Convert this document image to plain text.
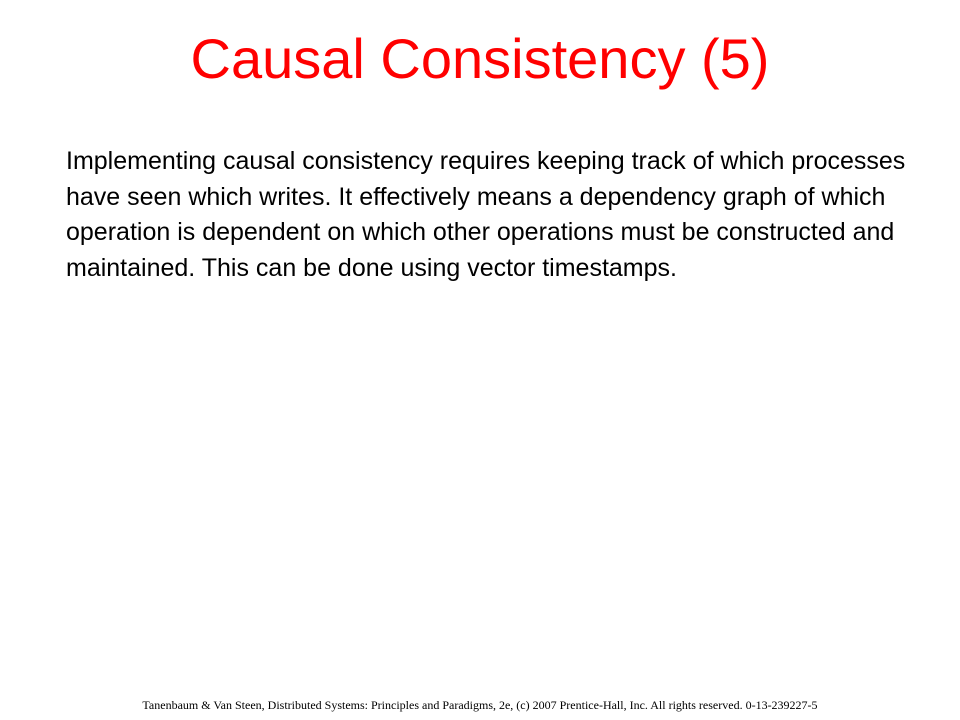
Causal Consistency (5)

Implementing causal consistency requires keeping track of which processes have seen which writes. It effectively means a dependency graph of which operation is dependent on which other operations must be constructed and maintained. This can be done using vector timestamps.

Tanenbaum & Van Steen, Distributed Systems: Principles and Paradigms, 2e, (c) 2007 Prentice-Hall, Inc. All rights reserved. 0-13-239227-5
